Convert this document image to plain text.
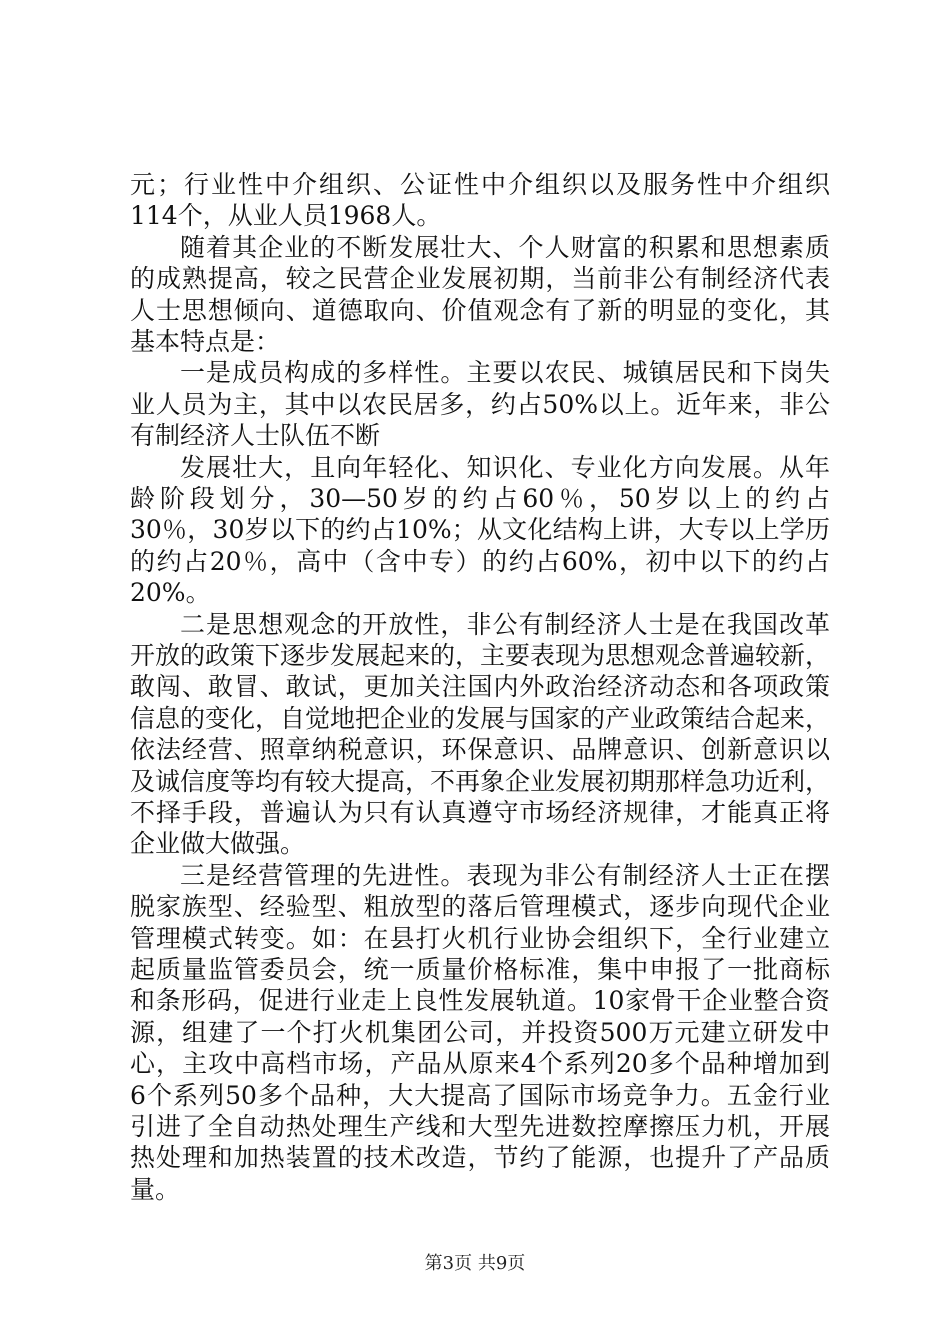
元；行业性中介组织、公证性中介组织以及服务性中介组织
114个，从业人员1968人。
随着其企业的不断发展壮大、个人财富的积累和思想素质
的成熟提高，较之民营企业发展初期，当前非公有制经济代表
人士思想倾向、道德取向、价值观念有了新的明显的变化，其
基本特点是：
一是成员构成的多样性。主要以农民、城镇居民和下岗失
业人员为主，其中以农民居多，约占50%以上。近年来，非公
有制经济人士队伍不断
发展壮大，且向年轻化、知识化、专业化方向发展。从年
龄阶段划分，30—50岁的约占60％，50岁以上的约占
30％，30岁以下的约占10%；从文化结构上讲，大专以上学历
的约占20％，高中（含中专）的约占60%，初中以下的约占
20%。
二是思想观念的开放性，非公有制经济人士是在我国改革
开放的政策下逐步发展起来的，主要表现为思想观念普遍较新，
敢闯、敢冒、敢试，更加关注国内外政治经济动态和各项政策
信息的变化，自觉地把企业的发展与国家的产业政策结合起来，
依法经营、照章纳税意识，环保意识、品牌意识、创新意识以
及诚信度等均有较大提高，不再象企业发展初期那样急功近利，
不择手段，普遍认为只有认真遵守市场经济规律，才能真正将
企业做大做强。
三是经营管理的先进性。表现为非公有制经济人士正在摆
脱家族型、经验型、粗放型的落后管理模式，逐步向现代企业
管理模式转变。如：在县打火机行业协会组织下，全行业建立
起质量监管委员会，统一质量价格标准，集中申报了一批商标
和条形码，促进行业走上良性发展轨道。10家骨干企业整合资
源，组建了一个打火机集团公司，并投资500万元建立研发中
心，主攻中高档市场，产品从原来4个系列20多个品种增加到
6个系列50多个品种，大大提高了国际市场竞争力。五金行业
引进了全自动热处理生产线和大型先进数控摩擦压力机，开展
热处理和加热装置的技术改造，节约了能源，也提升了产品质
量。
第3页 共9页
